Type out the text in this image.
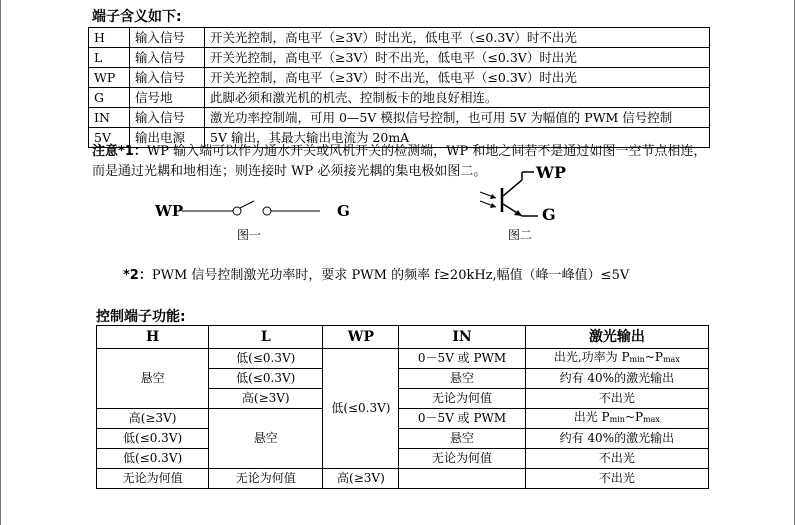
端子含义如下:
H	输入信号	开关光控制，高电平（≥3V）时出光，低电平（≤0.3V）时不出光
L	输入信号	开关光控制，高电平（≥3V）时不出光，低电平（≤0.3V）时出光
WP	输入信号	开关光控制，高电平（≥3V）时不出光，低电平（≤0.3V）时出光
G	信号地	此脚必须和激光机的机壳、控制板卡的地良好相连。
IN	输入信号	激光功率控制端，可用 0—5V 模拟信号控制，也可用 5V 为幅值的 PWM 信号控制
5V	输出电源	5V 输出，其最大输出电流为 20mA
注意*1：WP 输入端可以作为通水开关或风机开关的检测端，WP 和地之间若不是通过如图一空节点相连，而是通过光耦和地相连；则连接时 WP 必须接光耦的集电极如图二。
WP	G
图一
WP
G
图二
*2：PWM 信号控制激光功率时，要求 PWM 的频率 f≥20kHz,幅值（峰一峰值）≤5V
控制端子功能:
H	L	WP	IN	激光输出
悬空	低(≤0.3V)	低(≤0.3V)	0－5V 或 PWM	出光,功率为 $P_{min}\sim P_{max}$
	低(≤0.3V)		悬空	约有 40%的激光输出
	高(≥3V)		无论为何值	不出光
高(≥3V)	悬空		0－5V 或 PWM	出光 $P_{min}\sim P_{max}$
低(≤0.3V)			悬空	约有 40%的激光输出
低(≤0.3V)			无论为何值	不出光
无论为何值	无论为何值	高(≥3V)		不出光
